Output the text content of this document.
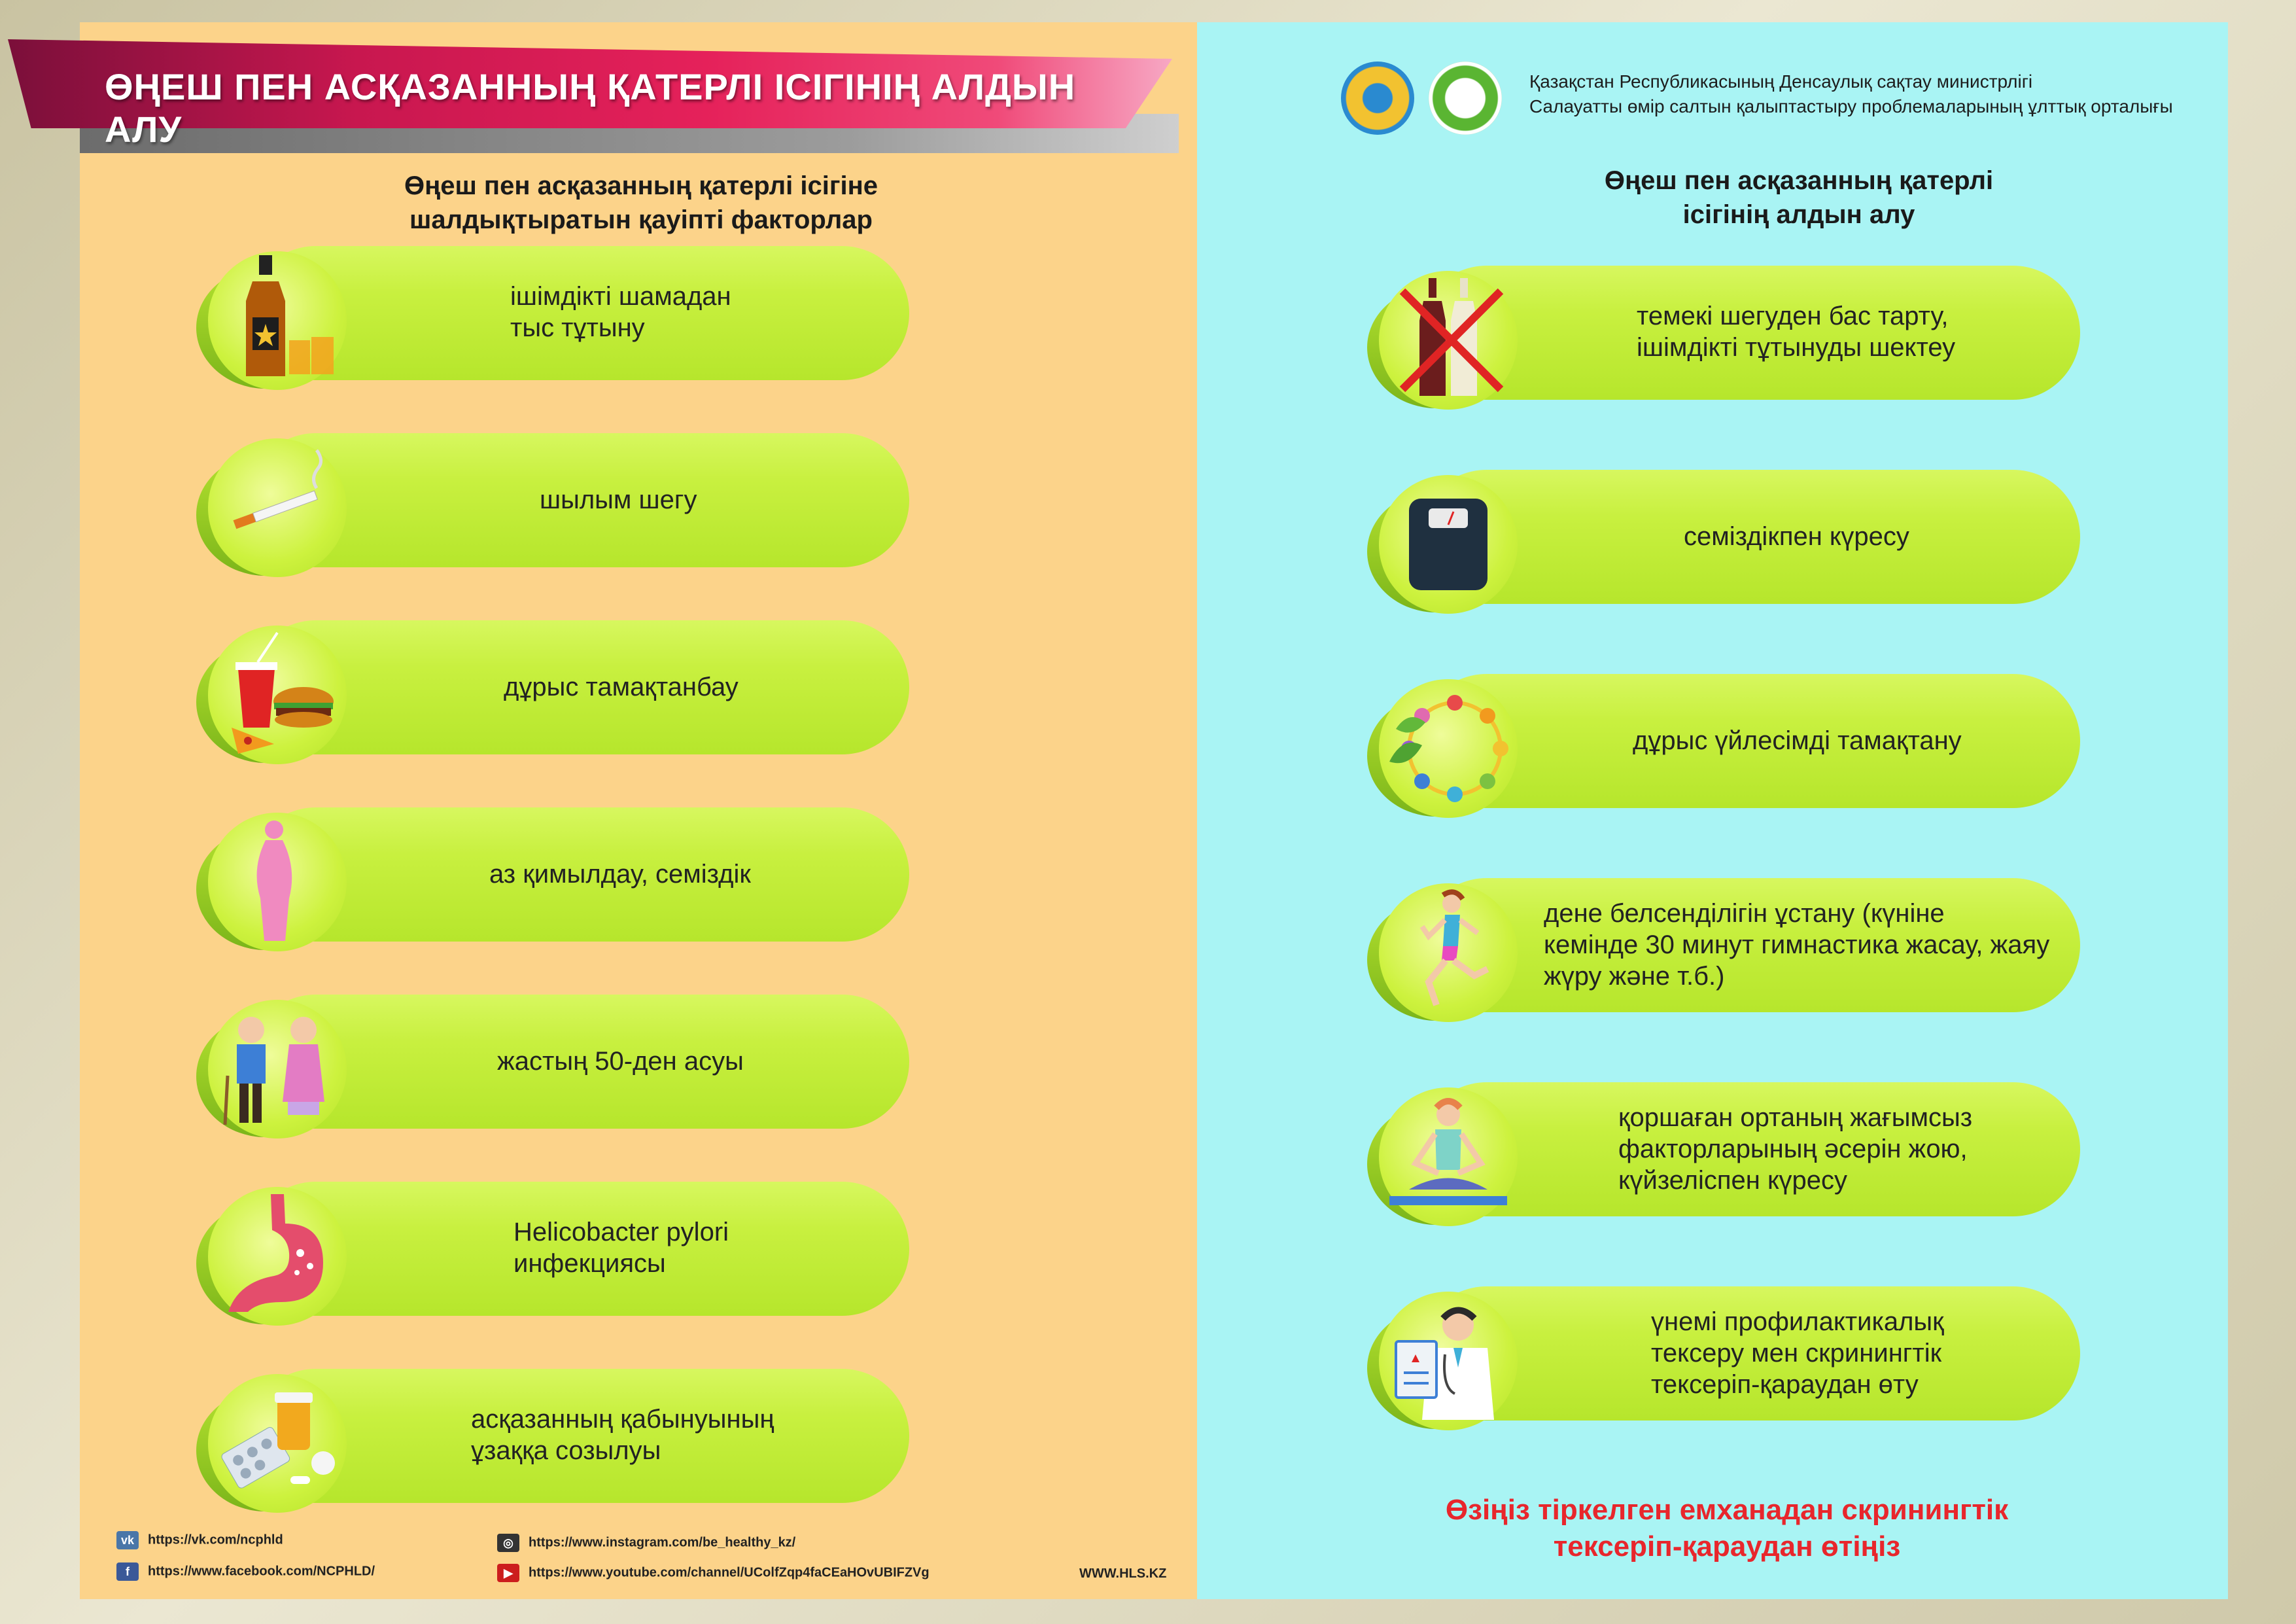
ӨҢЕШ ПЕН АСҚАЗАННЫҢ ҚАТЕРЛІ ІСІГІНІҢ АЛДЫН АЛУ
Қазақстан Республикасының Денсаулық сақтау министрлігі
Салауатты өмір салтын қалыптастыру проблемаларының ұлттық орталығы
Өңеш пен асқазанның қатерлі ісігіне
шалдықтыратын қауіпті факторлар
Өңеш пен асқазанның қатерлі
ісігінің алдын алу
ішімдікті шамадан
тыс тұтыну
шылым шегу
дұрыс тамақтанбау
аз қимылдау, семіздік
жастың 50-ден асуы
Helicobacter pylori
инфекциясы
асқазанның қабынуының
ұзаққа созылуы
темекі шегуден бас тарту,
ішімдікті тұтынуды шектеу
семіздікпен күресу
дұрыс үйлесімді тамақтану
дене белсенділігін ұстану (күніне
кемінде 30 минут гимнастика жасау, жаяу
жүру және т.б.)
қоршаған ортаның жағымсыз
факторларының әсерін жою,
күйзеліспен күресу
үнемі профилактикалық
тексеру мен скринингтік
тексеріп-қараудан өту
Өзіңіз тіркелген емханадан скринингтік
тексеріп-қараудан өтіңіз
vk https://vk.com/ncphld
f https://www.facebook.com/NCPHLD/
◎ https://www.instagram.com/be_healthy_kz/
▶ https://www.youtube.com/channel/UColfZqp4faCEaHOvUBIFZVg	WWW.HLS.KZ
